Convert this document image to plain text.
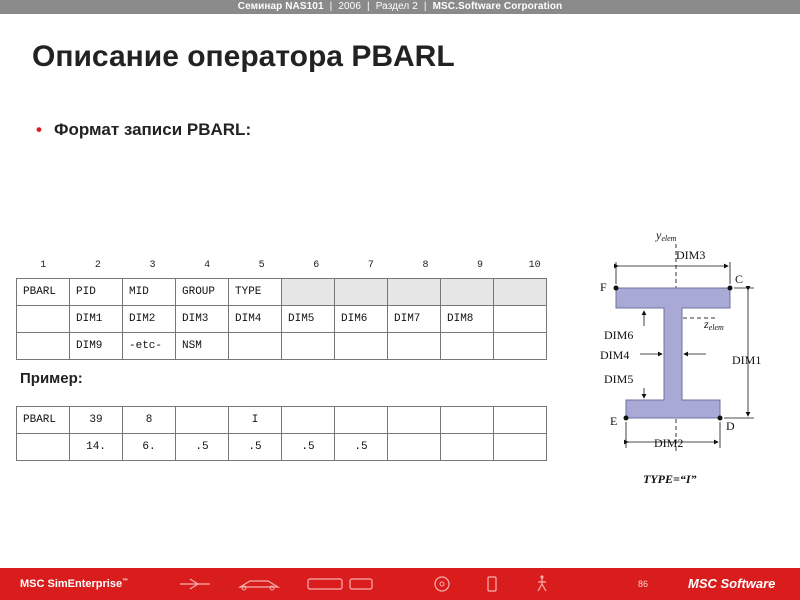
Семинар NAS101 | 2006 | Раздел 2 | MSC.Software Corporation
Описание оператора PBARL
• Формат записи PBARL:
1	2	3	4	5	6	7	8	9	10
PBARL	PID	MID	GROUP	TYPE					
	DIM1	DIM2	DIM3	DIM4	DIM5	DIM6	DIM7	DIM8	
	DIM9	-etc-	NSM						
Пример:
PBARL	39	8		I					
	14.	6.	.5	.5	.5	.5			
yelem
DIM3
C
F
zelem
DIM6
DIM4	DIM1
DIM5
E	D
DIM2
TYPE=“I”
MSC SimEnterprise™	86	MSC Software
